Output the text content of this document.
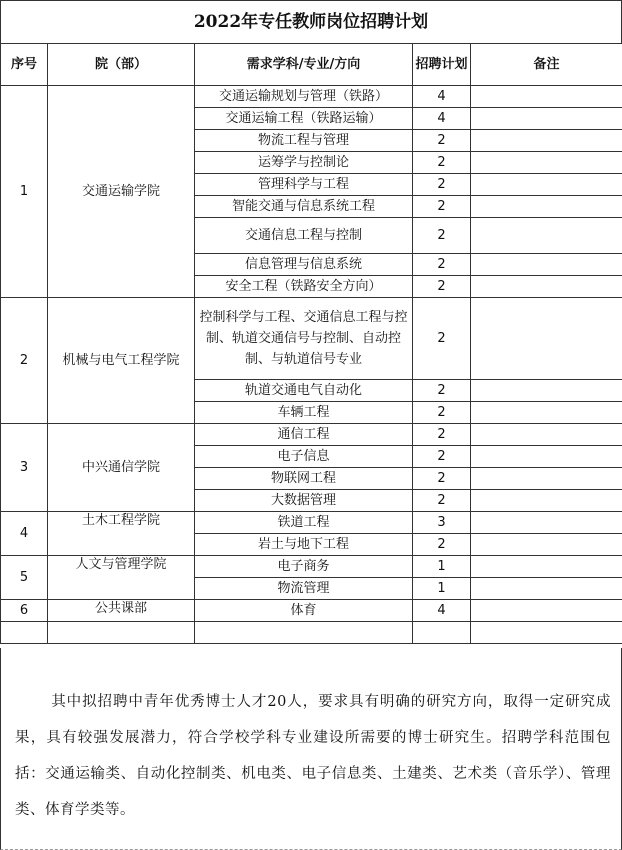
2022年专任教师岗位招聘计划
序号	院（部）	需求学科/专业/方向	招聘计划	备注
1	交通运输学院	交通运输规划与管理（铁路）	4	
		交通运输工程（铁路运输）	4	
		物流工程与管理	2	
		运筹学与控制论	2	
		管理科学与工程	2	
		智能交通与信息系统工程	2	
		交通信息工程与控制	2	
		信息管理与信息系统	2	
		安全工程（铁路安全方向）	2	
2	机械与电气工程学院	控制科学与工程、交通信息工程与控制、轨道交通信号与控制、自动控制、与轨道信号专业	2	
		轨道交通电气自动化	2	
		车辆工程	2	
3	中兴通信学院	通信工程	2	
		电子信息	2	
		物联网工程	2	
		大数据管理	2	
4	土木工程学院	铁道工程	3	
		岩土与地下工程	2	
5	人文与管理学院	电子商务	1	
		物流管理	1	
6	公共课部	体育	4	

其中拟招聘中青年优秀博士人才20人，要求具有明确的研究方向，取得一定研究成果，具有较强发展潜力，符合学校学科专业建设所需要的博士研究生。招聘学科范围包括：交通运输类、自动化控制类、机电类、电子信息类、土建类、艺术类（音乐学）、管理类、体育学类等。
